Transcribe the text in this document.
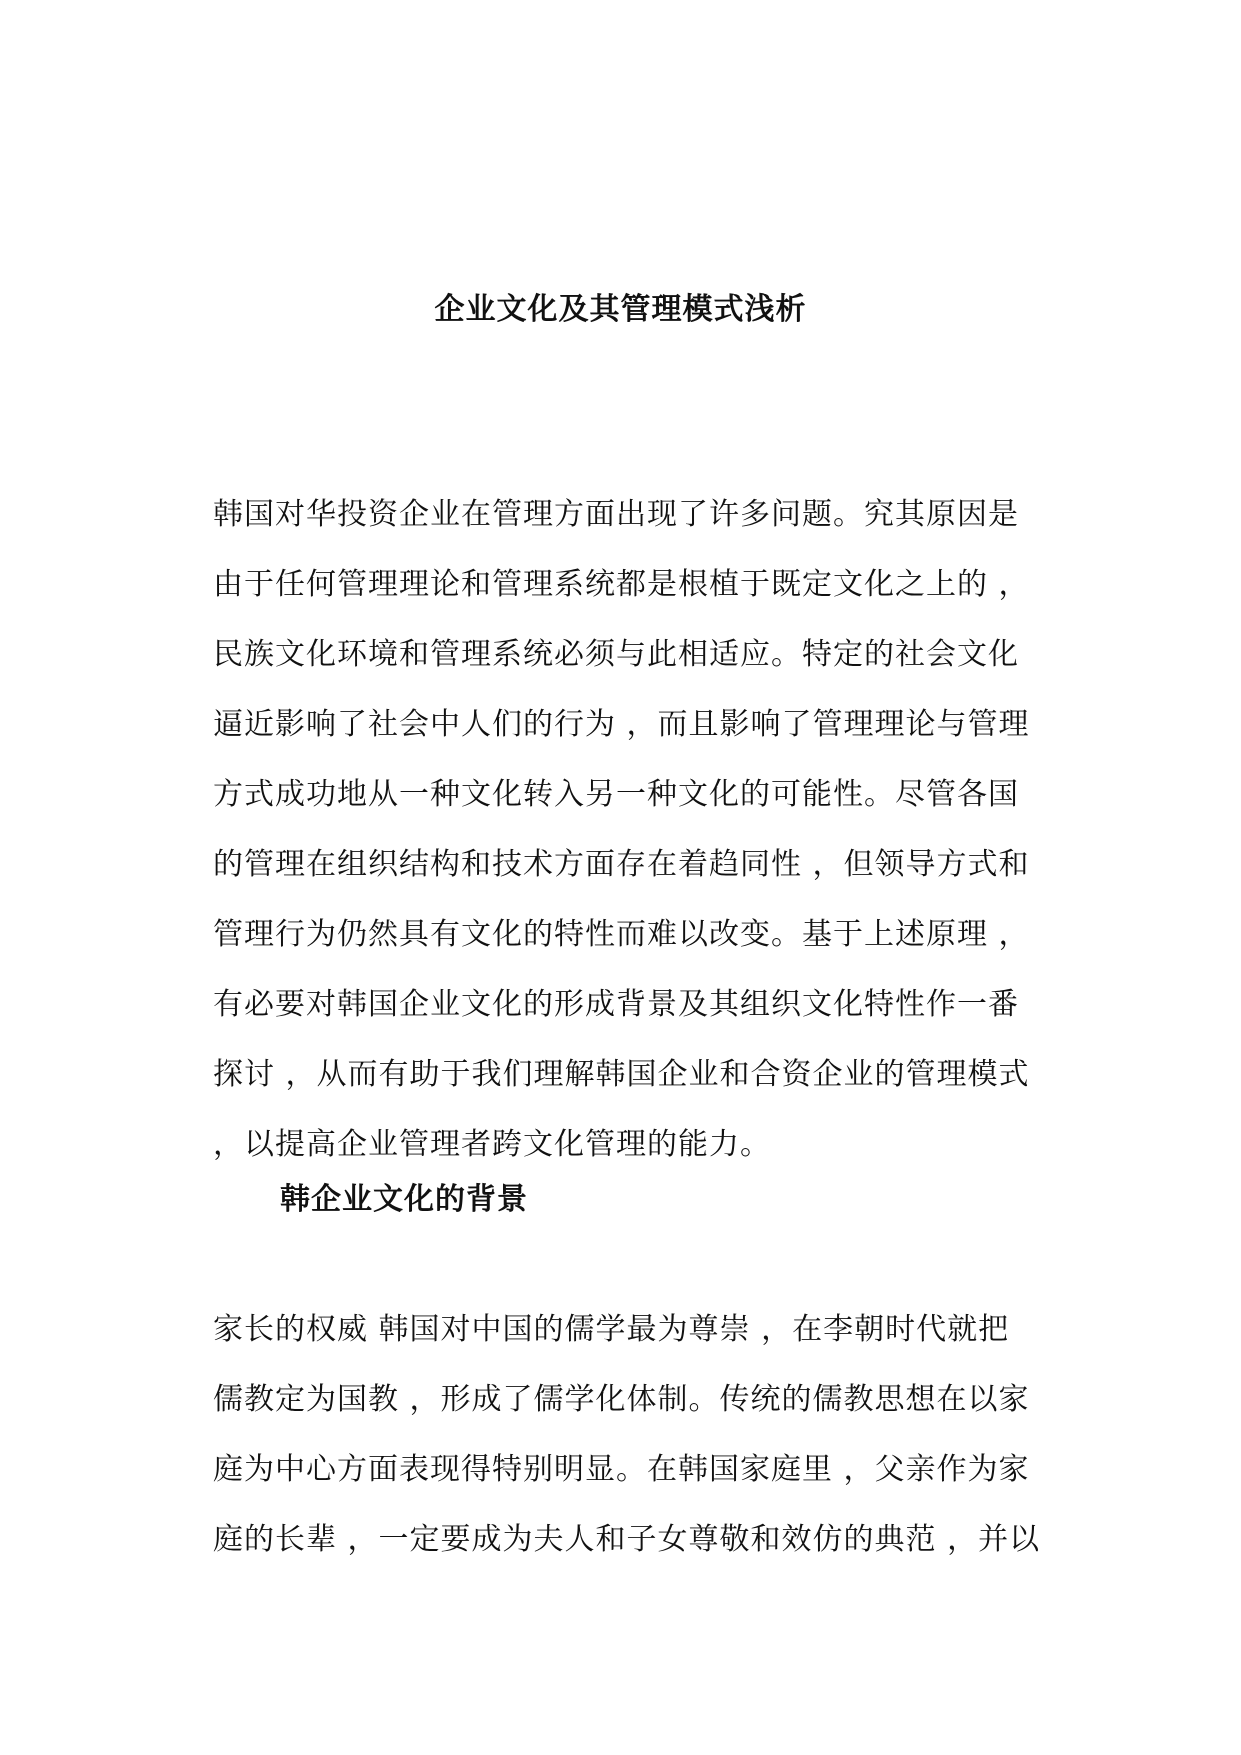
企业文化及其管理模式浅析
韩国对华投资企业在管理方面出现了许多问题。究其原因是
由于任何管理理论和管理系统都是根植于既定文化之上的 ，
民族文化环境和管理系统必须与此相适应。特定的社会文化
逼近影响了社会中人们的行为 ，而且影响了管理理论与管理
方式成功地从一种文化转入另一种文化的可能性。尽管各国
的管理在组织结构和技术方面存在着趋同性 ，但领导方式和
管理行为仍然具有文化的特性而难以改变。基于上述原理 ，
有必要对韩国企业文化的形成背景及其组织文化特性作一番
探讨 ，从而有助于我们理解韩国企业和合资企业的管理模式
，以提高企业管理者跨文化管理的能力。
韩企业文化的背景
家长的权威 韩国对中国的儒学最为尊崇 ，在李朝时代就把
儒教定为国教 ，形成了儒学化体制。传统的儒教思想在以家
庭为中心方面表现得特别明显。在韩国家庭里 ，父亲作为家
庭的长辈 ，一定要成为夫人和子女尊敬和效仿的典范 ，并以
